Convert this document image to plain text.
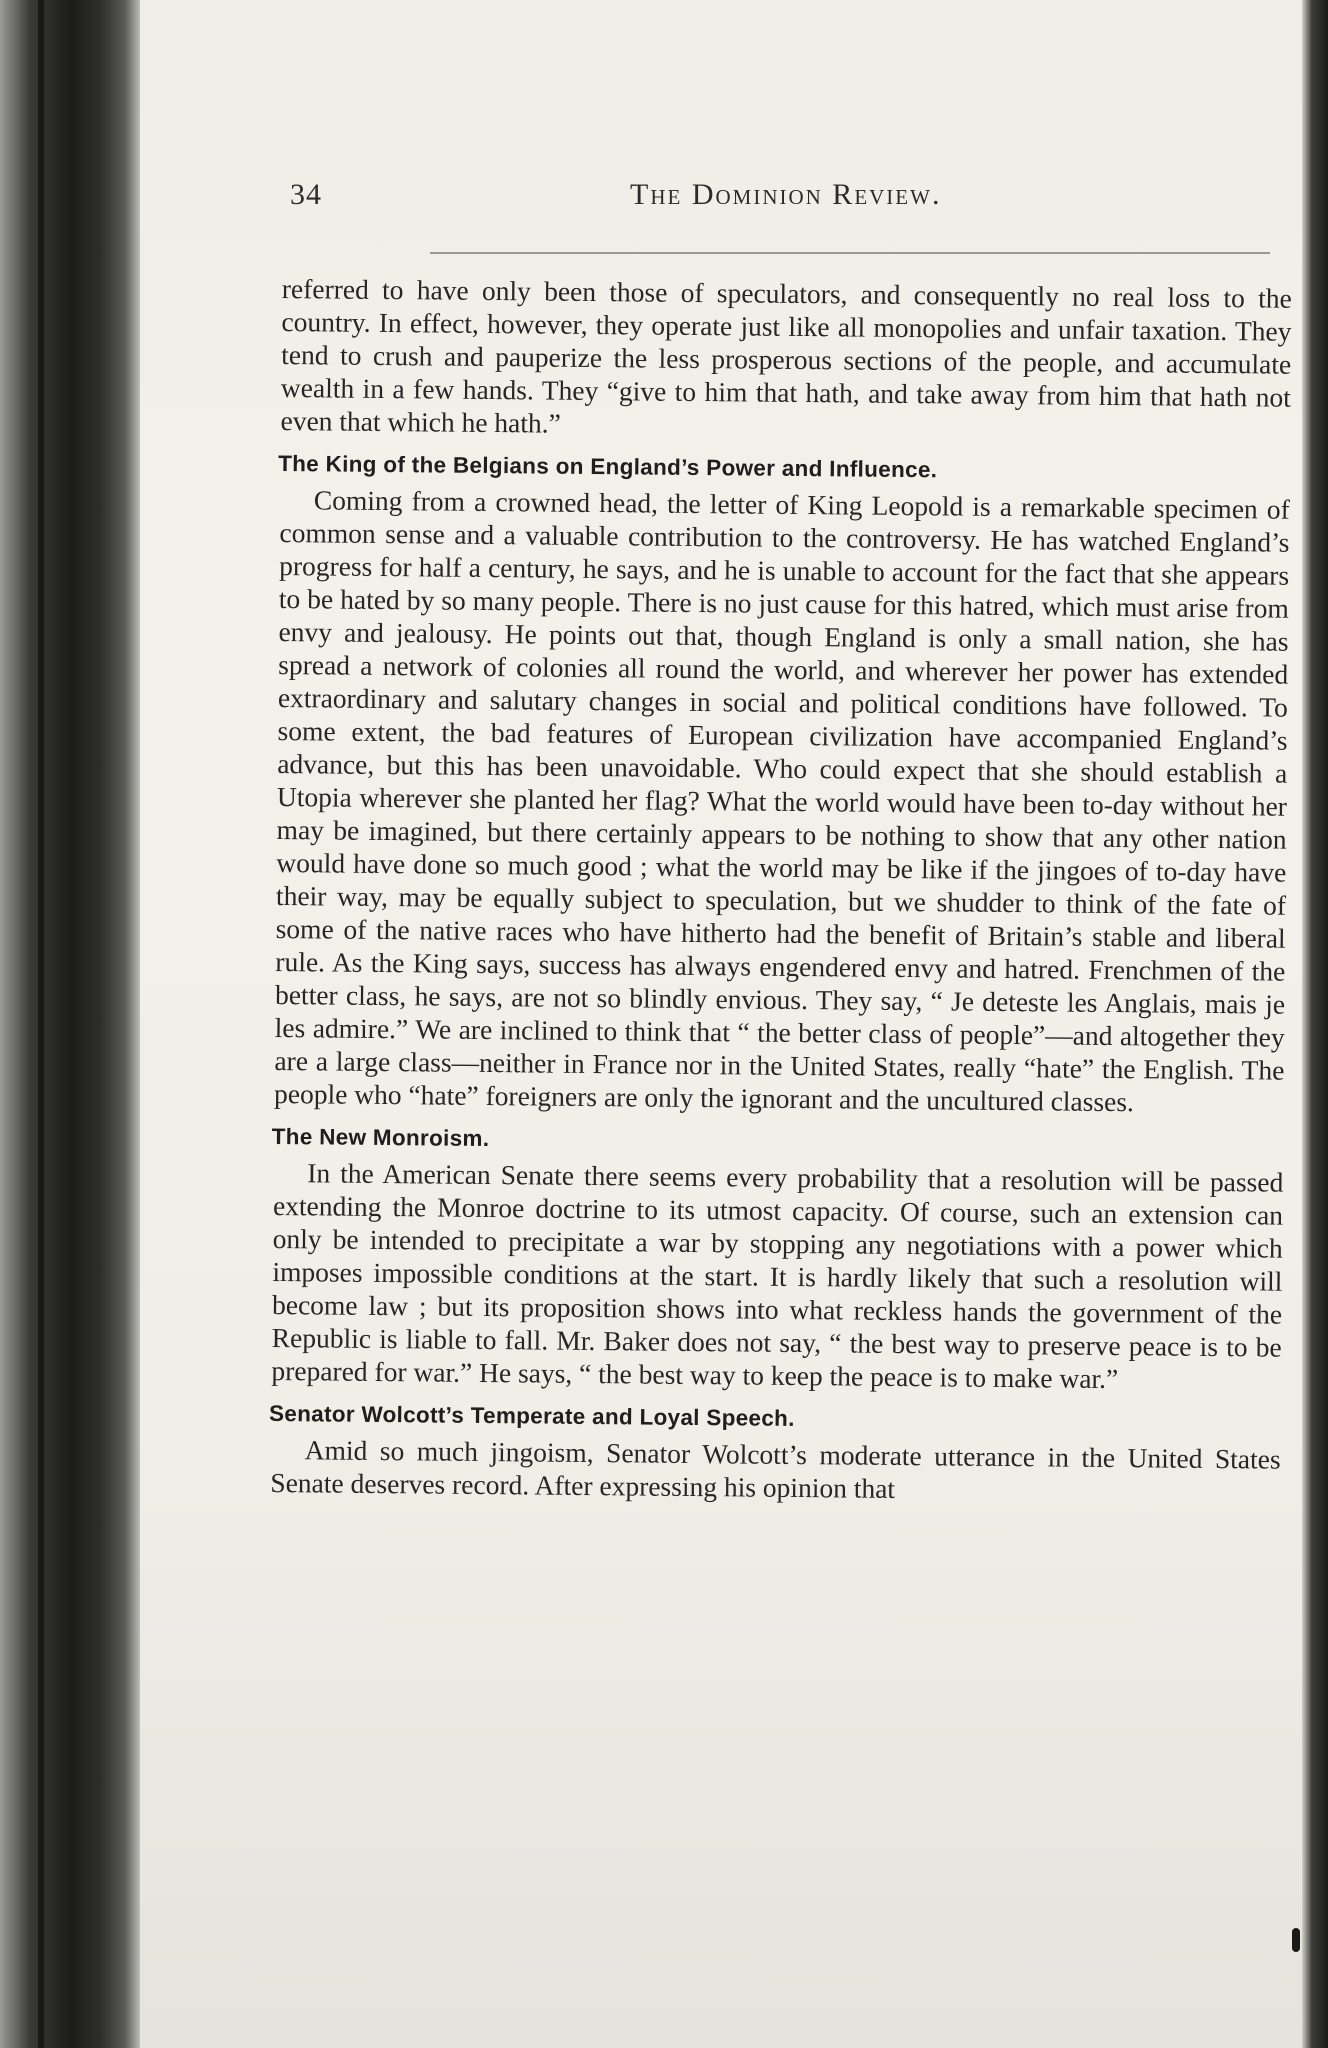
34	The Dominion Review.

referred to have only been those of speculators, and consequently no real loss to the country. In effect, however, they operate just like all monopolies and unfair taxation. They tend to crush and pauperize the less prosperous sections of the people, and accumulate wealth in a few hands. They “give to him that hath, and take away from him that hath not even that which he hath.”

The King of the Belgians on England’s Power and Influence.

Coming from a crowned head, the letter of King Leopold is a remarkable specimen of common sense and a valuable contribution to the controversy. He has watched England’s progress for half a century, he says, and he is unable to account for the fact that she appears to be hated by so many people. There is no just cause for this hatred, which must arise from envy and jealousy. He points out that, though England is only a small nation, she has spread a network of colonies all round the world, and wherever her power has extended extraordinary and salutary changes in social and political conditions have followed. To some extent, the bad features of European civilization have accompanied England’s advance, but this has been unavoidable. Who could expect that she should establish a Utopia wherever she planted her flag? What the world would have been to-day without her may be imagined, but there certainly appears to be nothing to show that any other nation would have done so much good ; what the world may be like if the jingoes of to-day have their way, may be equally subject to speculation, but we shudder to think of the fate of some of the native races who have hitherto had the benefit of Britain’s stable and liberal rule. As the King says, success has always engendered envy and hatred. Frenchmen of the better class, he says, are not so blindly envious. They say, “ Je deteste les Anglais, mais je les admire.” We are inclined to think that “ the better class of people”—and altogether they are a large class—neither in France nor in the United States, really “hate” the English. The people who “hate” foreigners are only the ignorant and the uncultured classes.

The New Monroism.

In the American Senate there seems every probability that a resolution will be passed extending the Monroe doctrine to its utmost capacity. Of course, such an extension can only be intended to precipitate a war by stopping any negotiations with a power which imposes impossible conditions at the start. It is hardly likely that such a resolution will become law ; but its proposition shows into what reckless hands the government of the Republic is liable to fall. Mr. Baker does not say, “ the best way to preserve peace is to be prepared for war.” He says, “ the best way to keep the peace is to make war.”

Senator Wolcott’s Temperate and Loyal Speech.

Amid so much jingoism, Senator Wolcott’s moderate utterance in the United States Senate deserves record. After expressing his opinion that
